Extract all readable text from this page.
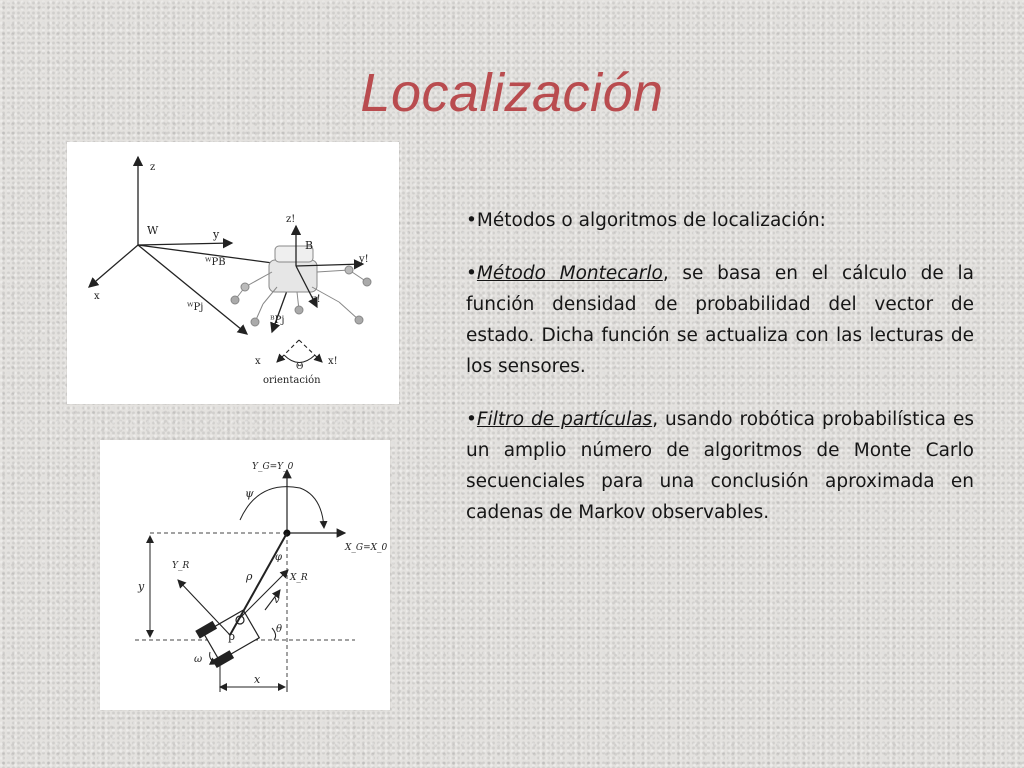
Localización
z
W	y
x
ᵂPB
ᵂPj
ᴮPj
z!
B
y!
x!
x	x!
Θ
orientación
Y_G=Y_0
X_G=X_0
ψ
φ
Y_R
X_R
ρ
v
y
p
θ
ω
x

•Métodos o algoritmos de localización:

•Método Montecarlo, se basa en el cálculo de la función densidad de probabilidad del vector de estado. Dicha función se actualiza con las lecturas de los sensores.

•Filtro de partículas, usando robótica probabilística es un amplio número de algoritmos de Monte Carlo secuenciales para una conclusión aproximada en cadenas de Markov observables.
